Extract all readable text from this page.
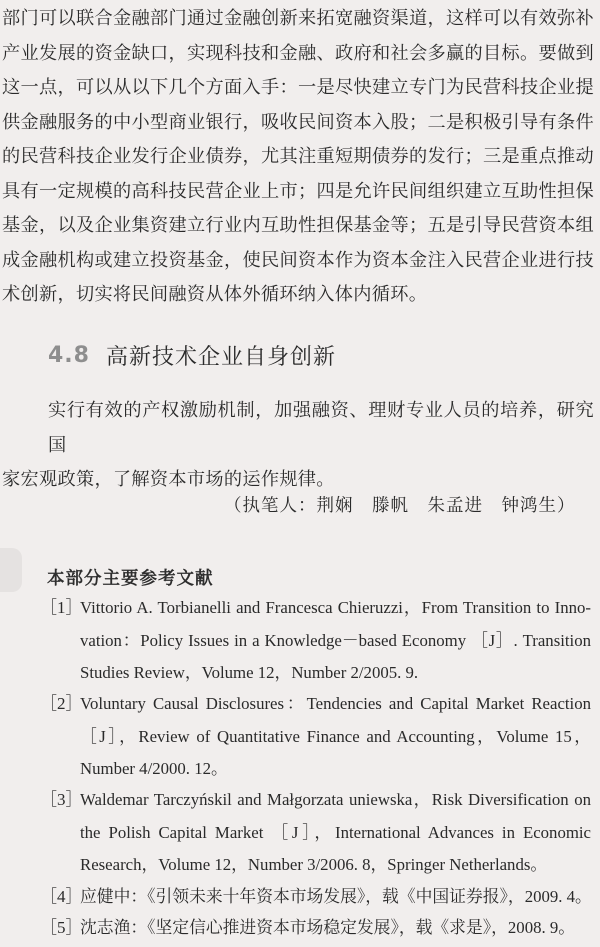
部门可以联合金融部门通过金融创新来拓宽融资渠道，这样可以有效弥补
产业发展的资金缺口，实现科技和金融、政府和社会多赢的目标。要做到
这一点，可以从以下几个方面入手：一是尽快建立专门为民营科技企业提
供金融服务的中小型商业银行，吸收民间资本入股；二是积极引导有条件
的民营科技企业发行企业债券，尤其注重短期债券的发行；三是重点推动
具有一定规模的高科技民营企业上市；四是允许民间组织建立互助性担保
基金，以及企业集资建立行业内互助性担保基金等；五是引导民营资本组
成金融机构或建立投资基金，使民间资本作为资本金注入民营企业进行技
术创新，切实将民间融资从体外循环纳入体内循环。
4.8 高新技术企业自身创新
实行有效的产权激励机制，加强融资、理财专业人员的培养，研究国
家宏观政策，了解资本市场的运作规律。
（执笔人：荆娴　滕帆　朱孟进　钟鸿生）
本部分主要参考文献
［1］
Vittorio A. Torbianelli and Francesca Chieruzzi，From Transition to Inno-
vation：Policy Issues in a Knowledge－based Economy ［J］. Transition
Studies Review，Volume 12，Number 2/2005. 9.
［2］
Voluntary Causal Disclosures：Tendencies and Capital Market Reaction
［J］，Review of Quantitative Finance and Accounting，Volume 15，
Number 4/2000. 12。
［3］
Waldemar Tarczyńskil and Małgorzata uniewska，Risk Diversification on
the Polish Capital Market ［J］，International Advances in Economic
Research，Volume 12，Number 3/2006. 8，Springer Netherlands。
［4］
应健中：《引领未来十年资本市场发展》，载《中国证券报》，2009. 4。
［5］
沈志渔：《坚定信心推进资本市场稳定发展》，载《求是》，2008. 9。
